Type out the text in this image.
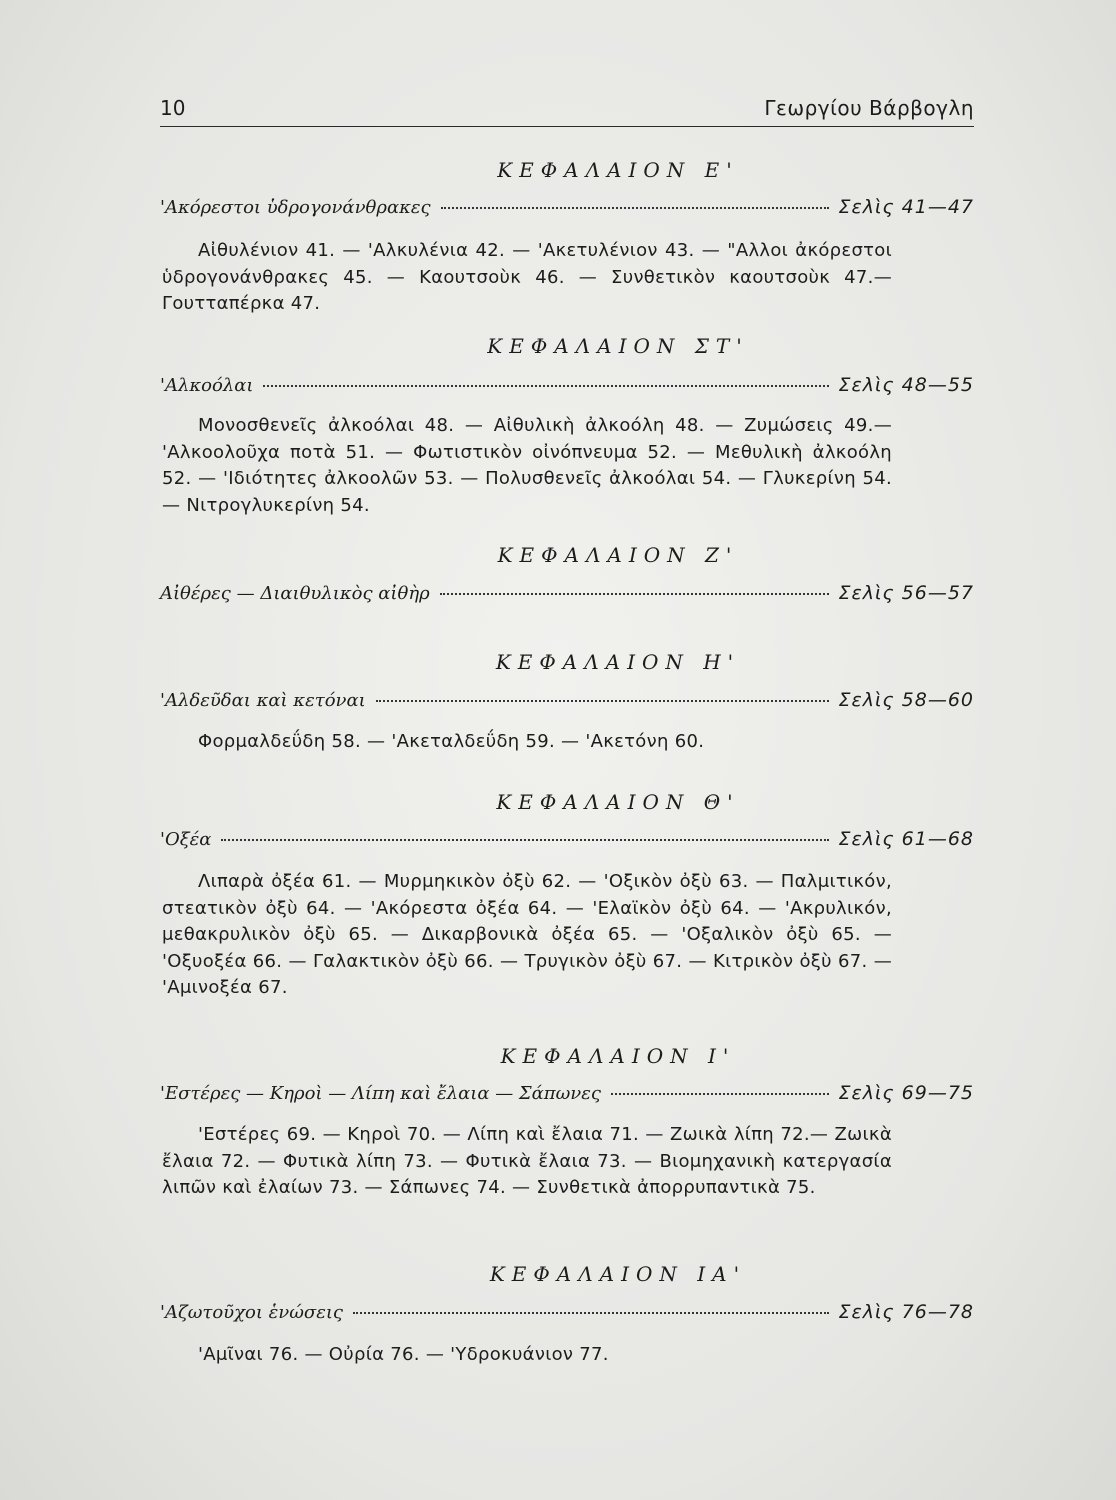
10	Γεωργίου Βάρβογλη
ΚΕΦΑΛΑΙΟΝ Ε'
'Ακόρεστοι ὑδρογονάνθρακες	Σελὶς 41—47
Αἰθυλένιον 41. — 'Αλκυλένια 42. — 'Ακετυλένιον 43. — "Αλλοι ἀκόρεστοι ὑδρογονάνθρακες 45. — Καουτσοὺκ 46. — Συνθετικὸν καουτσοὺκ 47.— Γουτταπέρκα 47.
ΚΕΦΑΛΑΙΟΝ ΣΤ'
'Αλκοόλαι	Σελὶς 48—55
Μονοσθενεῖς ἀλκοόλαι 48. — Αἰθυλικὴ ἀλκοόλη 48. — Ζυμώσεις 49.— 'Αλκοολοῦχα ποτὰ 51. — Φωτιστικὸν οἰνόπνευμα 52. — Μεθυλικὴ ἀλκοόλη 52. — 'Ιδιότητες ἀλκοολῶν 53. — Πολυσθενεῖς ἀλκοόλαι 54. — Γλυκερίνη 54.— Νιτρογλυκερίνη 54.
ΚΕΦΑΛΑΙΟΝ Ζ'
Αἰθέρες — Διαιθυλικὸς αἰθὴρ	Σελὶς 56—57
ΚΕΦΑΛΑΙΟΝ Η'
'Αλδεῦδαι καὶ κετόναι	Σελὶς 58—60
Φορμαλδεΰδη 58. — 'Ακεταλδεΰδη 59. — 'Ακετόνη 60.
ΚΕΦΑΛΑΙΟΝ Θ'
'Οξέα	Σελὶς 61—68
Λιπαρὰ ὀξέα 61. — Μυρμηκικὸν ὀξὺ 62. — 'Οξικὸν ὀξὺ 63. — Παλμιτικόν, στεατικὸν ὀξὺ 64. — 'Ακόρεστα ὀξέα 64. — 'Ελαϊκὸν ὀξὺ 64. — 'Ακρυλικόν, μεθακρυλικὸν ὀξὺ 65. — Δικαρβονικὰ ὀξέα 65. — 'Οξαλικὸν ὀξὺ 65. — 'Οξυοξέα 66. — Γαλακτικὸν ὀξὺ 66. — Τρυγικὸν ὀξὺ 67. — Κιτρικὸν ὀξὺ 67. — 'Αμινοξέα 67.
ΚΕΦΑΛΑΙΟΝ Ι'
'Εστέρες — Κηροὶ — Λίπη καὶ ἔλαια — Σάπωνες	Σελὶς 69—75
'Εστέρες 69. — Κηροὶ 70. — Λίπη καὶ ἔλαια 71. — Ζωικὰ λίπη 72.— Ζωικὰ ἔλαια 72. — Φυτικὰ λίπη 73. — Φυτικὰ ἔλαια 73. — Βιομηχανικὴ κατεργασία λιπῶν καὶ ἐλαίων 73. — Σάπωνες 74. — Συνθετικὰ ἀπορρυπαντικὰ 75.
ΚΕΦΑΛΑΙΟΝ ΙΑ'
'Αζωτοῦχοι ἑνώσεις	Σελὶς 76—78
'Αμῖναι 76. — Οὐρία 76. — 'Υδροκυάνιον 77.
